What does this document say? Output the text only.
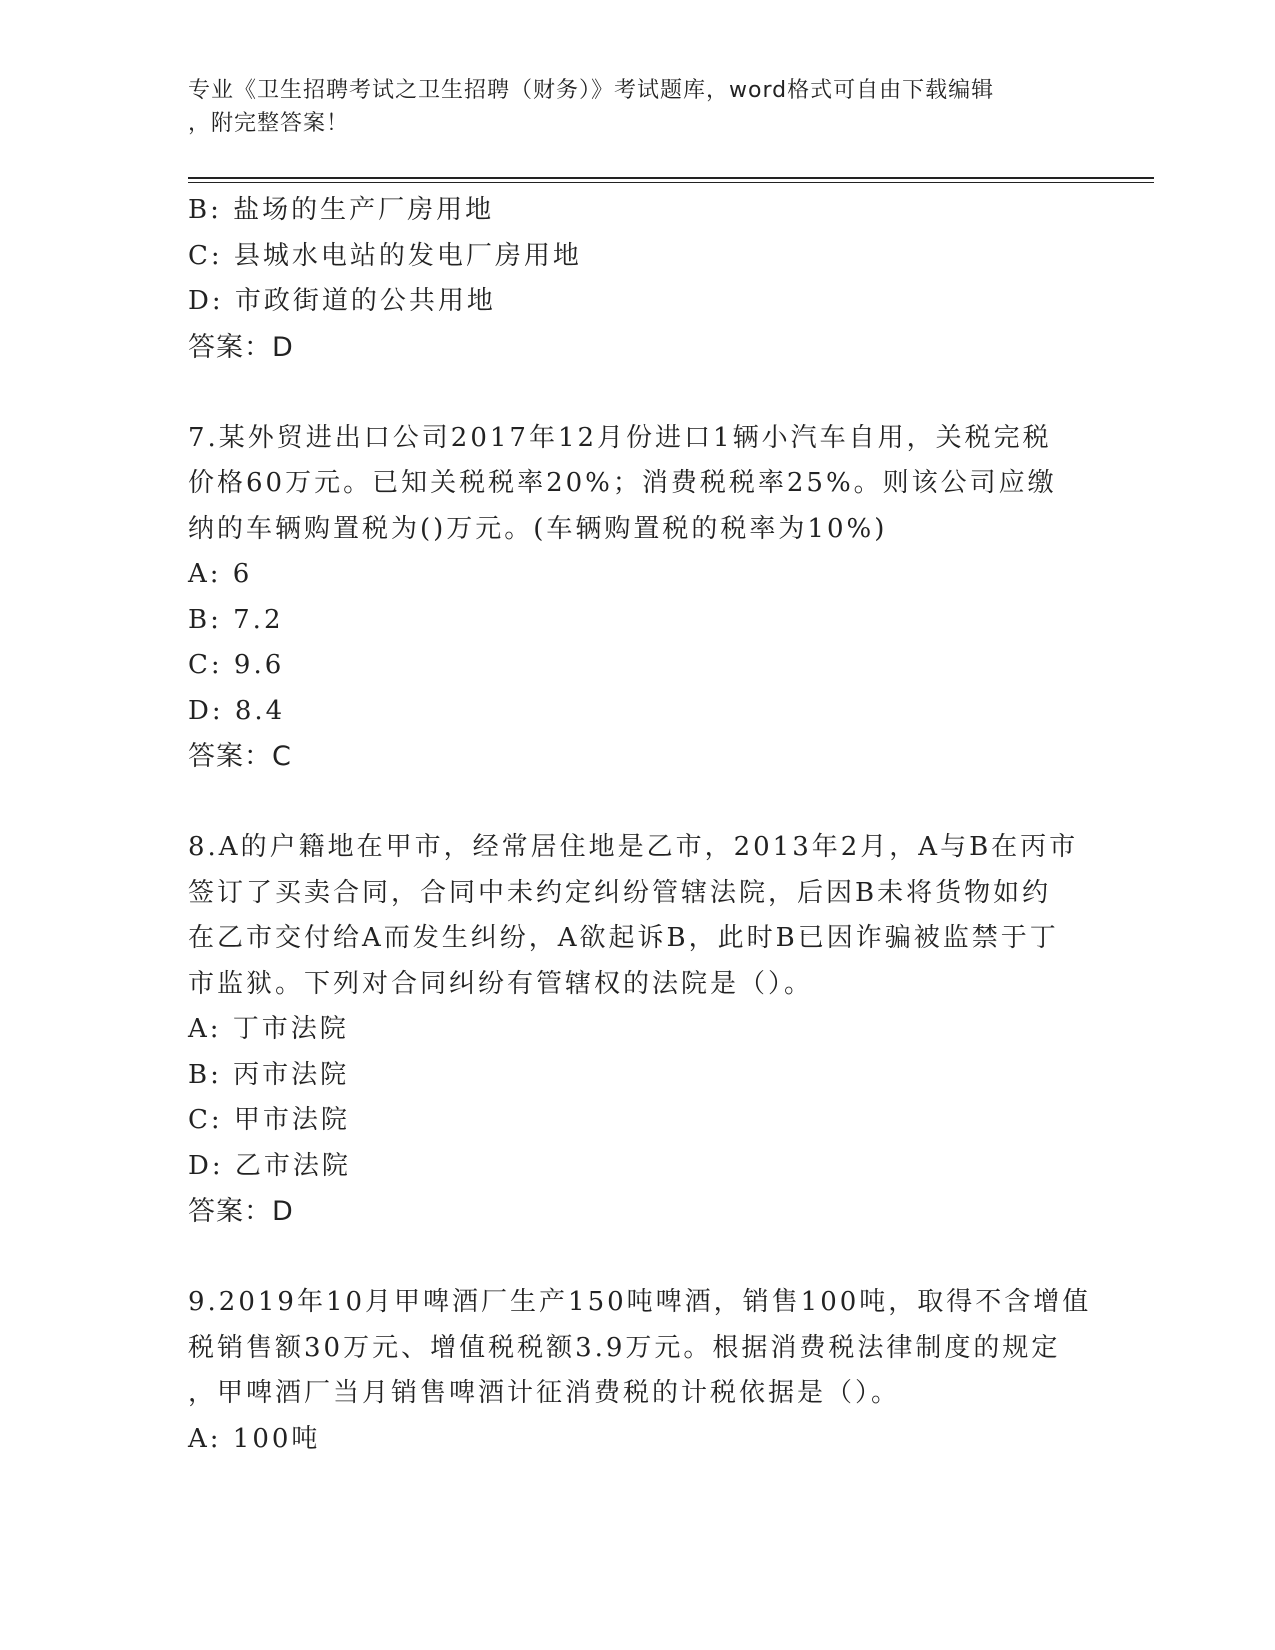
专业《卫生招聘考试之卫生招聘（财务）》考试题库，word格式可自由下载编辑
，附完整答案！
B: 盐场的生产厂房用地
C: 县城水电站的发电厂房用地
D: 市政街道的公共用地
答案：D
7.某外贸进出口公司2017年12月份进口1辆小汽车自用，关税完税
价格60万元。已知关税税率20%；消费税税率25%。则该公司应缴
纳的车辆购置税为()万元。(车辆购置税的税率为10%)
A: 6
B: 7.2
C: 9.6
D: 8.4
答案：C
8.A的户籍地在甲市，经常居住地是乙市，2013年2月，A与B在丙市
签订了买卖合同，合同中未约定纠纷管辖法院，后因B未将货物如约
在乙市交付给A而发生纠纷，A欲起诉B，此时B已因诈骗被监禁于丁
市监狱。下列对合同纠纷有管辖权的法院是（）。
A: 丁市法院
B: 丙市法院
C: 甲市法院
D: 乙市法院
答案：D
9.2019年10月甲啤酒厂生产150吨啤酒，销售100吨，取得不含增值
税销售额30万元、增值税税额3.9万元。根据消费税法律制度的规定
，甲啤酒厂当月销售啤酒计征消费税的计税依据是（）。
A: 100吨
